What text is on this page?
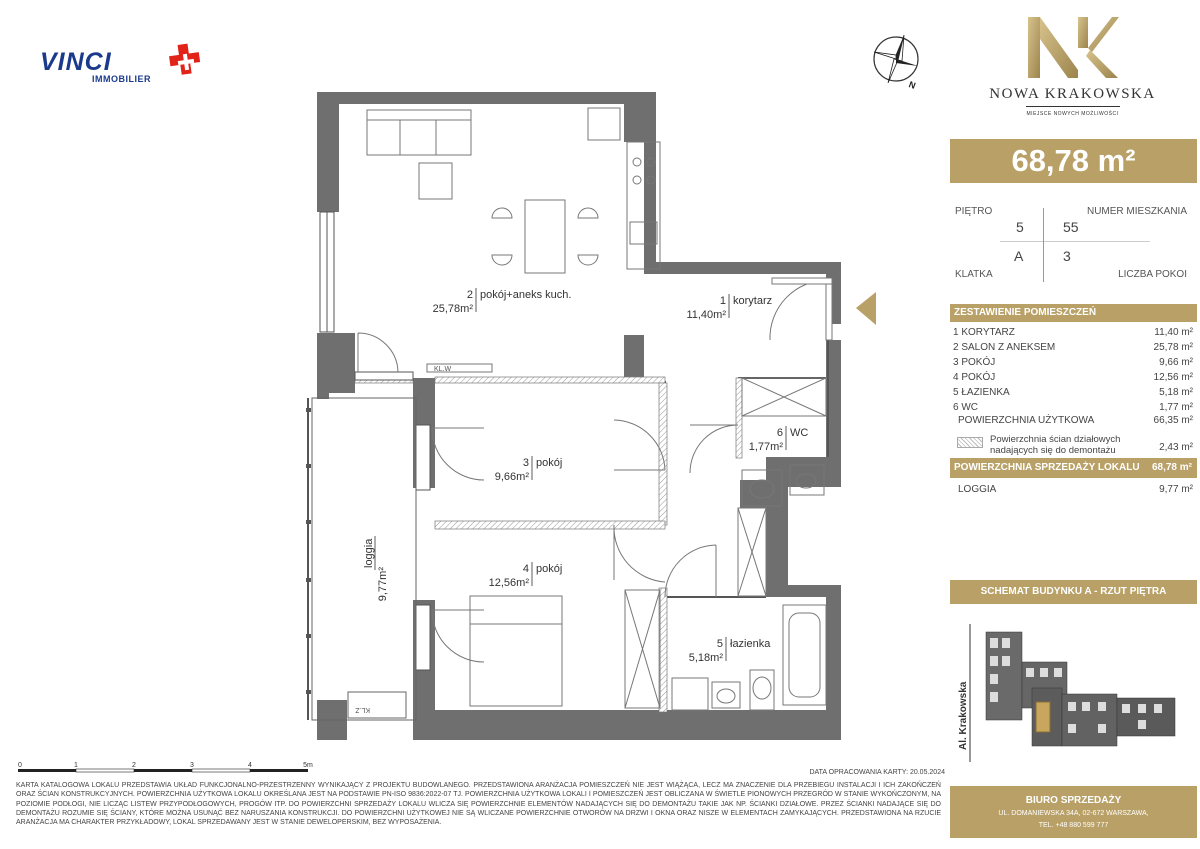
VINCI
IMMOBILIER
N
NOWA KRAKOWSKA
MIEJSCE NOWYCH MOŻLIWOŚCI
68,78 m²
PIĘTRO	NUMER MIESZKANIA
5	55
A	3
KLATKA	LICZBA POKOI
ZESTAWIENIE POMIESZCZEŃ
1 KORYTARZ	11,40 m²
2 SALON Z ANEKSEM	25,78 m²
3 POKÓJ	9,66 m²
4 POKÓJ	12,56 m²
5 ŁAZIENKA	5,18 m²
6 WC	1,77 m²
POWIERZCHNIA UŻYTKOWA	66,35 m²
Powierzchnia ścian działowych
nadających się do demontażu	2,43 m²
POWIERZCHNIA SPRZEDAŻY LOKALU 68,78 m²
LOGGIA	9,77 m²
SCHEMAT BUDYNKU A - RZUT PIĘTRA
Al. Krakowska
BIURO SPRZEDAŻY
UL. DOMANIEWSKA 34A, 02-672 WARSZAWA,
TEL. +48 880 599 777
KL.W
KL.Z
2 pokój+aneks kuch.
25,78m²
1 korytarz
11,40m²
6 WC
1,77m²
3 pokój
9,66m²
4 pokój
12,56m²
5 łazienka
5,18m²
loggia
9,77m²
0	1	2	3	4	5m
DATA OPRACOWANIA KARTY: 20.05.2024
KARTA KATALOGOWA LOKALU PRZEDSTAWIA UKŁAD FUNKCJONALNO-PRZESTRZENNY WYNIKAJĄCY Z PROJEKTU BUDOWLANEGO. PRZEDSTAWIONA ARANŻACJA POMIESZCZEŃ NIE JEST WIĄŻĄCA, LECZ MA ZNACZENIE DLA PRZEBIEGU INSTALACJI I ICH ZAKOŃCZEŃ ORAZ ŚCIAN KONSTRUKCYJNYCH. POWIERZCHNIA UŻYTKOWA LOKALU OKREŚLANA JEST NA PODSTAWIE PN-ISO 9836:2022-07 TJ. POWIERZCHNIA UŻYTKOWA LOKALI I POMIESZCZEŃ JEST OBLICZANA W ŚWIETLE PIONOWYCH PRZEGRÓD W STANIE WYKOŃCZONYM, NA POZIOMIE PODŁOGI, NIE LICZĄC LISTEW PRZYPODŁOGOWYCH, PROGÓW ITP. DO POWIERZCHNI SPRZEDAŻY LOKALU WLICZA SIĘ POWIERZCHNIE ELEMENTÓW NADAJĄCYCH SIĘ DO DEMONTAŻU TAKIE JAK NP. ŚCIANKI DZIAŁOWE. PRZEZ ŚCIANKI NADAJĄCE SIĘ DO DEMONTAŻU ROZUMIE SIĘ ŚCIANY, KTÓRE MOŻNA USUNĄĆ BEZ NARUSZANIA KONSTRUKCJI. DO POWIERZCHNI UŻYTKOWEJ NIE SĄ WLICZANE POWIERZCHNIE OTWORÓW NA DRZWI I OKNA ORAZ NISZE W ELEMENTACH ZAMYKAJĄCYCH. PRZEDSTAWIONA NA RZUCIE ARANŻACJA MA CHARAKTER PRZYKŁADOWY, LOKAL SPRZEDAWANY JEST W STANIE DEWELOPERSKIM, BEZ WYPOSAŻENIA.
